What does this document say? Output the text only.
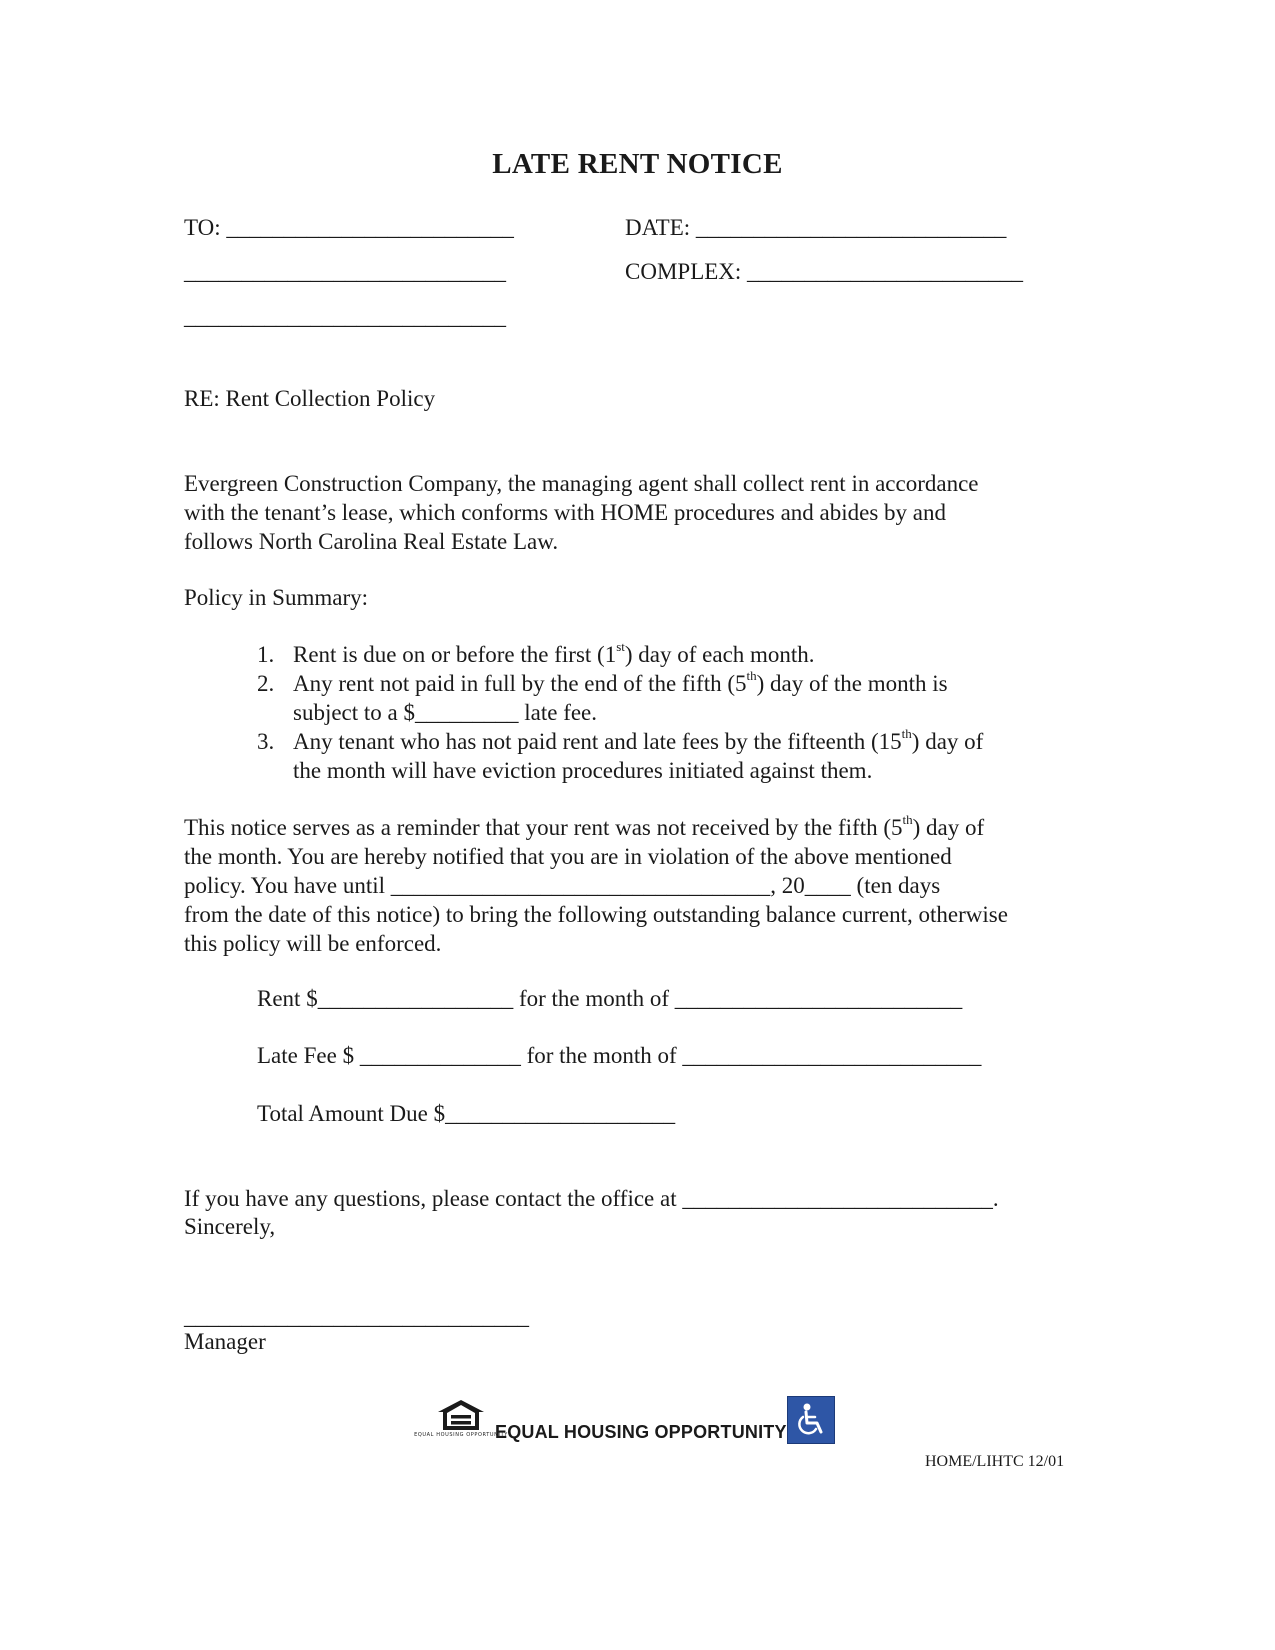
LATE RENT NOTICE
TO: _________________________	DATE: ___________________________
____________________________	COMPLEX: ________________________
____________________________
RE: Rent Collection Policy
Evergreen Construction Company, the managing agent shall collect rent in accordance
with the tenant’s lease, which conforms with HOME procedures and abides by and
follows North Carolina Real Estate Law.
Policy in Summary:
1. Rent is due on or before the first (1st) day of each month.
2. Any rent not paid in full by the end of the fifth (5th) day of the month is
subject to a $_________ late fee.
3. Any tenant who has not paid rent and late fees by the fifteenth (15th) day of
the month will have eviction procedures initiated against them.
This notice serves as a reminder that your rent was not received by the fifth (5th) day of
the month. You are hereby notified that you are in violation of the above mentioned
policy. You have until _________________________________, 20____ (ten days
from the date of this notice) to bring the following outstanding balance current, otherwise
this policy will be enforced.
Rent $_________________ for the month of _________________________
Late Fee $ ______________ for the month of __________________________
Total Amount Due $____________________
If you have any questions, please contact the office at ___________________________.
Sincerely,
______________________________
Manager
EQUAL HOUSING OPPORTUNITY
EQUAL HOUSING OPPORTUNITY
HOME/LIHTC 12/01
